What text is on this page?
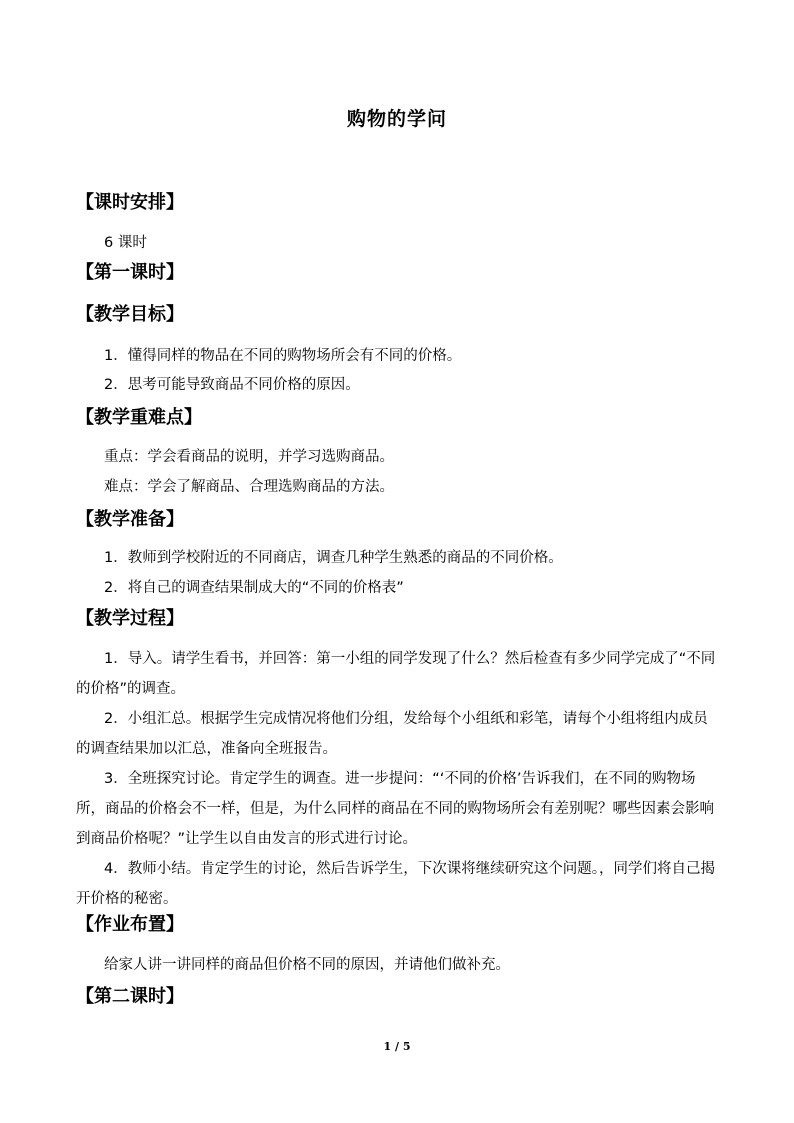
购物的学问
【课时安排】
6 课时
【第一课时】
【教学目标】
1．懂得同样的物品在不同的购物场所会有不同的价格。
2．思考可能导致商品不同价格的原因。
【教学重难点】
重点：学会看商品的说明，并学习选购商品。
难点：学会了解商品、合理选购商品的方法。
【教学准备】
1．教师到学校附近的不同商店，调查几种学生熟悉的商品的不同价格。
2．将自己的调查结果制成大的“不同的价格表”
【教学过程】
1．导入。请学生看书，并回答：第一小组的同学发现了什么？然后检查有多少同学完成了“不同的价格”的调查。
2．小组汇总。根据学生完成情况将他们分组，发给每个小组纸和彩笔，请每个小组将组内成员的调查结果加以汇总，准备向全班报告。
3．全班探究讨论。肯定学生的调查。进一步提问：“‘不同的价格’告诉我们，在不同的购物场所，商品的价格会不一样，但是，为什么同样的商品在不同的购物场所会有差别呢？哪些因素会影响到商品价格呢？”让学生以自由发言的形式进行讨论。
4．教师小结。肯定学生的讨论，然后告诉学生，下次课将继续研究这个问题。，同学们将自己揭开价格的秘密。
【作业布置】
给家人讲一讲同样的商品但价格不同的原因，并请他们做补充。
【第二课时】
1 / 5
